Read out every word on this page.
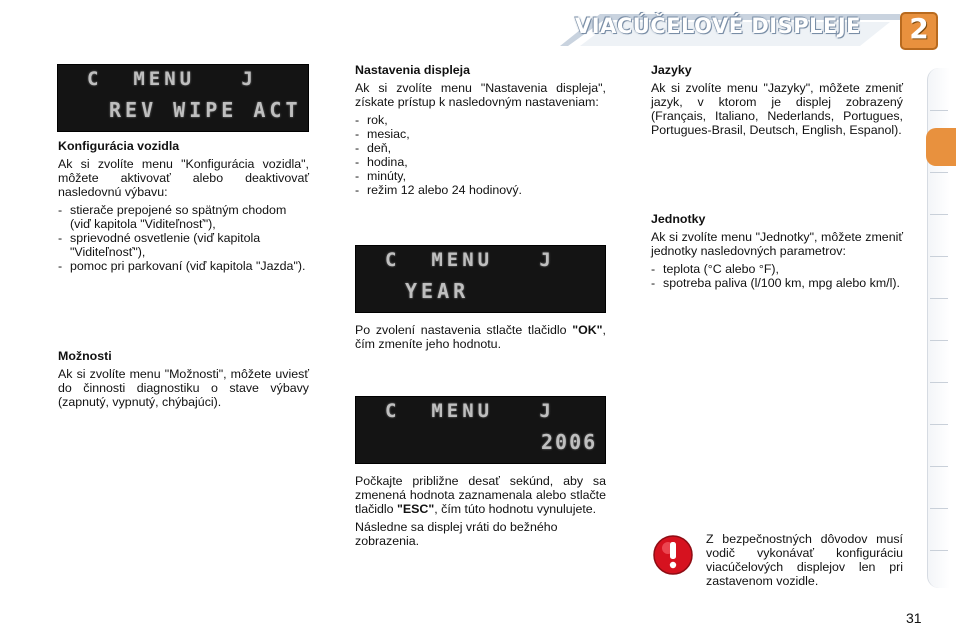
VIACÚČELOVÉ DISPLEJE	2
C  MENU   J
REV WIPE ACT
C  MENU   J
YEAR
C  MENU   J
2006
Konfigurácia vozidla

Ak si zvolíte menu "Konfigurácia vozidla", môžete aktivovať alebo deaktivovať nasledovnú výbavu:

- stierače prepojené so spätným chodom (viď kapitola "Viditeľnosť"),
- sprievodné osvetlenie (viď kapitola "Viditeľnosť"),
- pomoc pri parkovaní (viď kapitola "Jazda").
Možnosti

Ak si zvolíte menu "Možnosti", môžete uviesť do činnosti diagnostiku o stave výbavy (zapnutý, vypnutý, chýbajúci).

Nastavenia displeja

Ak si zvolíte menu "Nastavenia displeja", získate prístup k nasledovným nastaveniam:

- rok,
- mesiac,
- deň,
- hodina,
- minúty,
- režim 12 alebo 24 hodinový.

Po zvolení nastavenia stlačte tlačidlo "OK", čím zmeníte jeho hodnotu.

Počkajte približne desať sekúnd, aby sa zmenená hodnota zaznamenala alebo stlačte tlačidlo "ESC", čím túto hodnotu vynulujete.

Následne sa displej vráti do bežného zobrazenia.

Jazyky

Ak si zvolíte menu "Jazyky", môžete zmeniť jazyk, v ktorom je displej zobrazený (Français, Italiano, Nederlands, Portugues, Portugues-Brasil, Deutsch, English, Espanol).

Jednotky

Ak si zvolíte menu "Jednotky", môžete zmeniť jednotky nasledovných parametrov:

- teplota (°C alebo °F),
- spotreba paliva (l/100 km, mpg alebo km/l).

Z bezpečnostných dôvodov musí vodič vykonávať konfiguráciu viacúčelových displejov len pri zastavenom vozidle.

31
